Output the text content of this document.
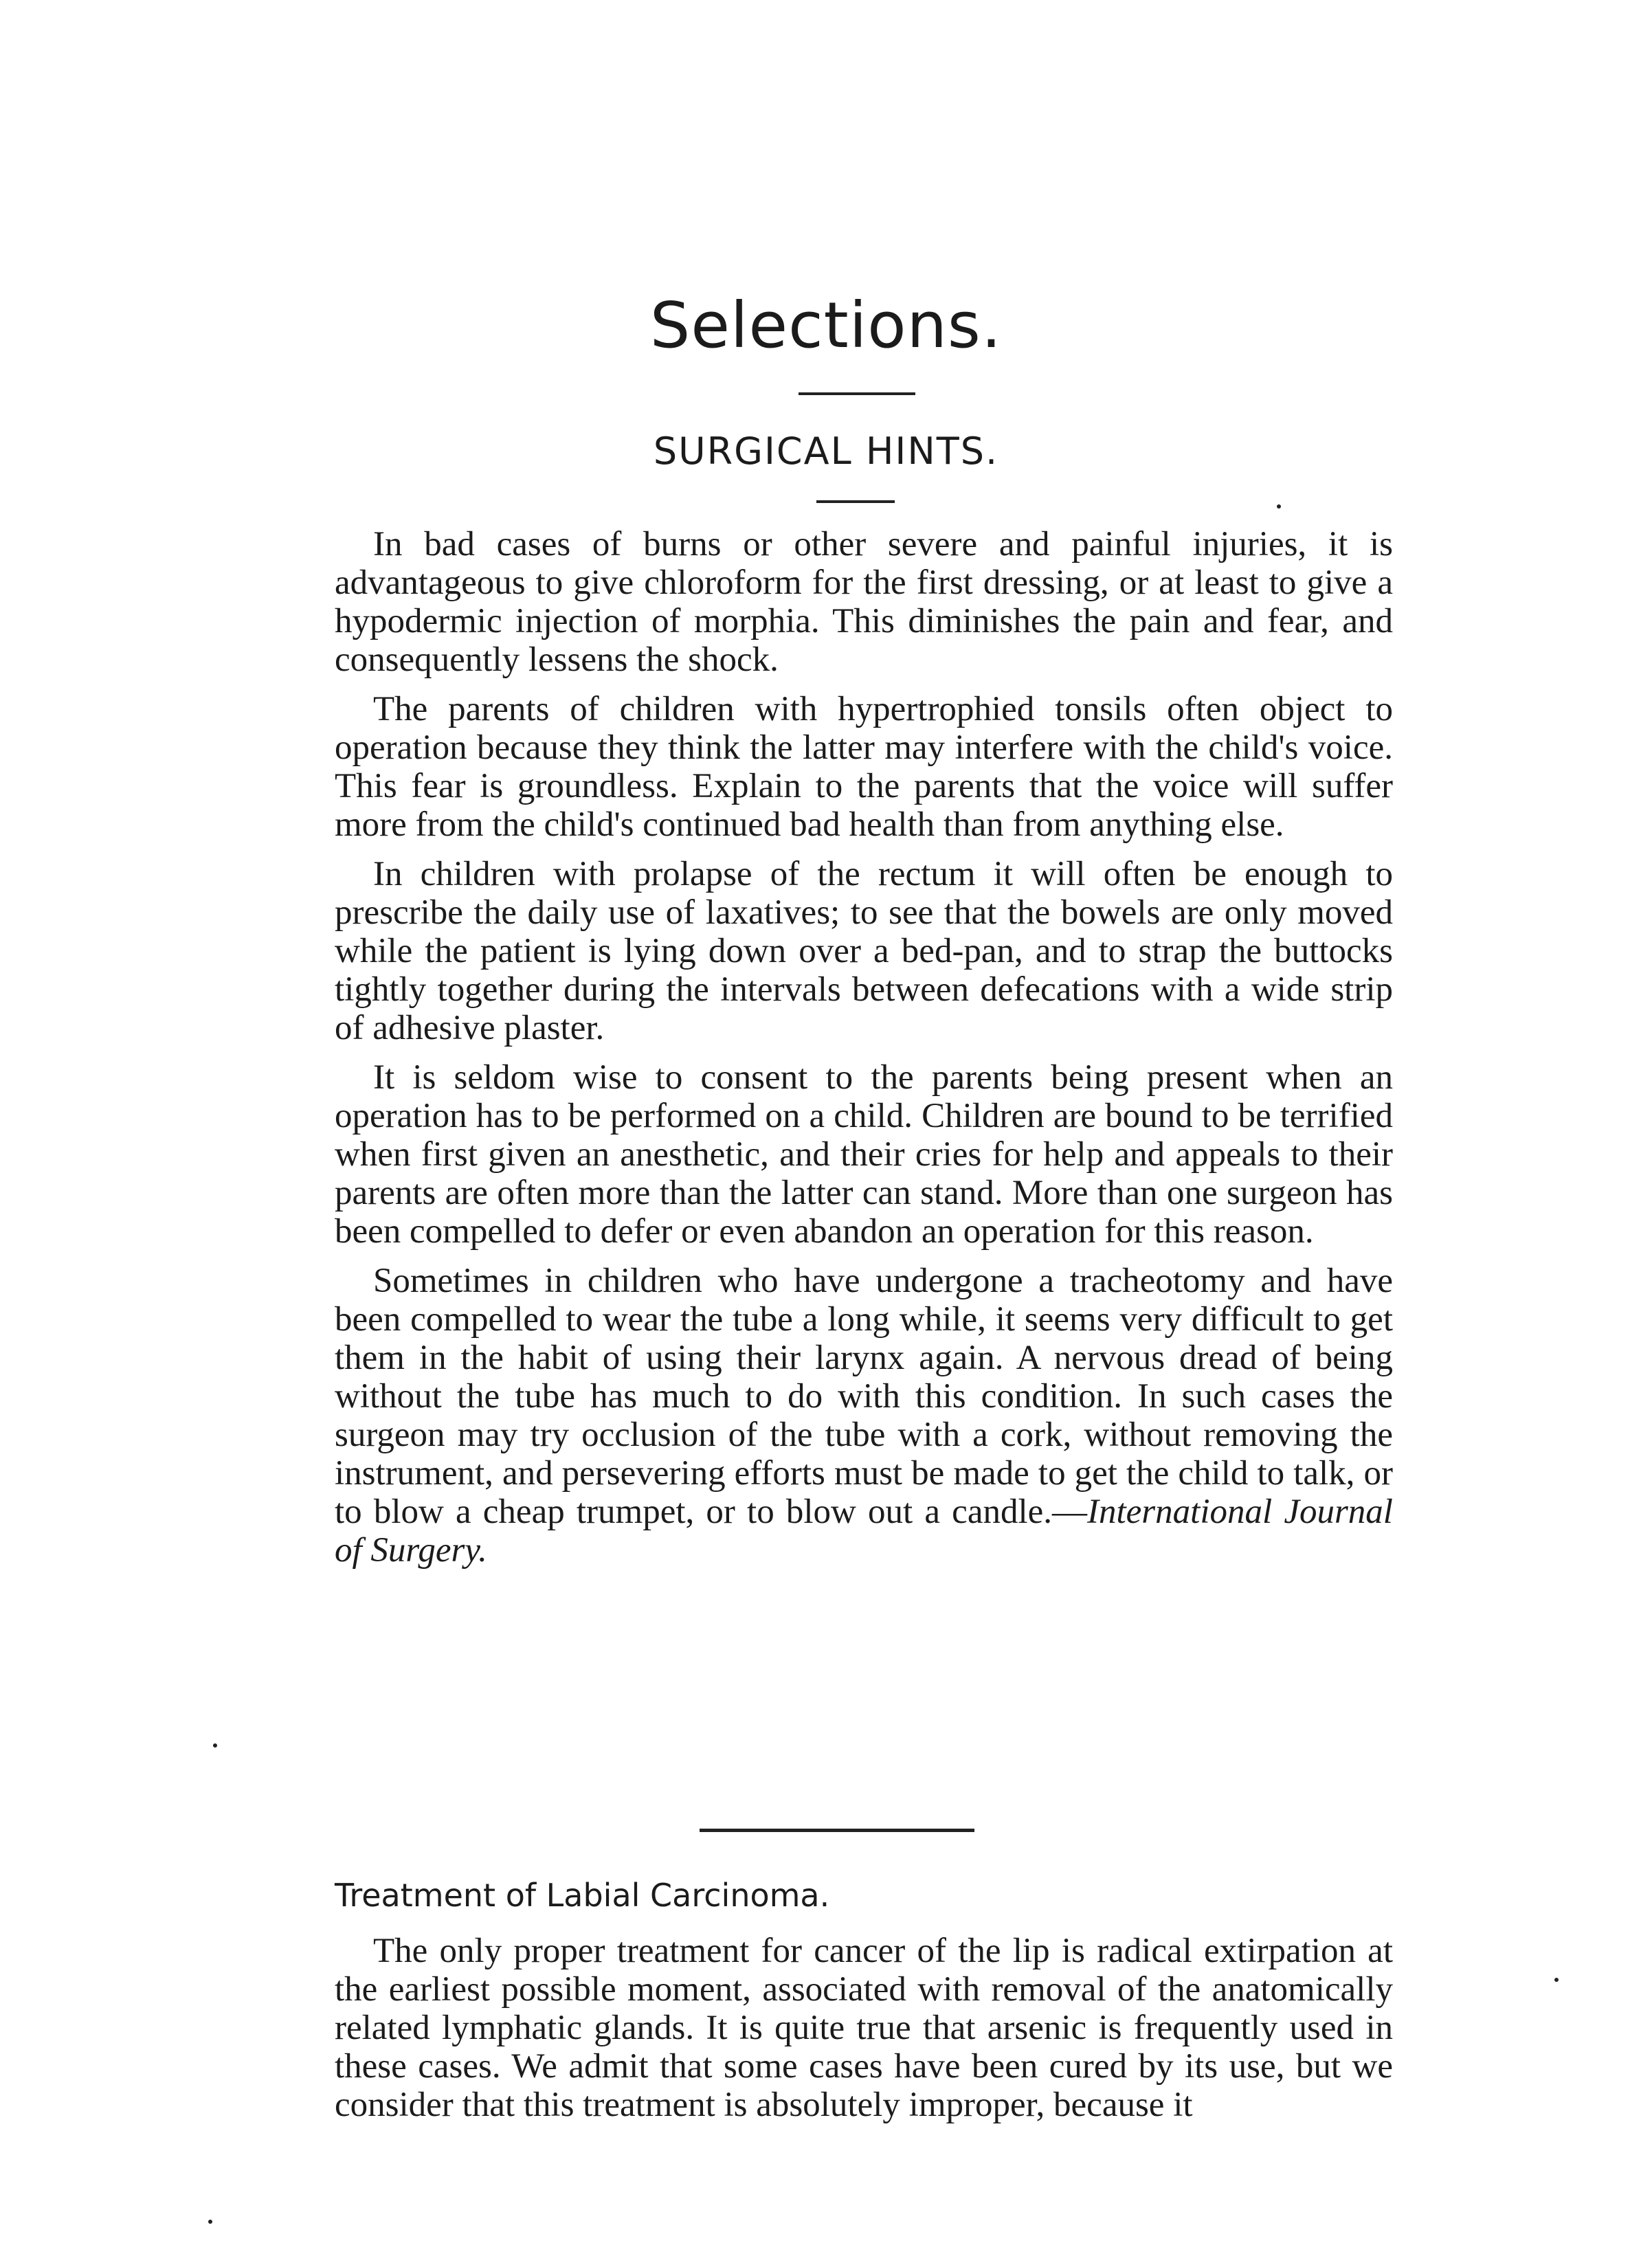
Selections.
SURGICAL HINTS.

In bad cases of burns or other severe and painful injuries, it is advantageous to give chloroform for the first dressing, or at least to give a hypodermic injection of morphia. This diminishes the pain and fear, and consequently lessens the shock.

The parents of children with hypertrophied tonsils often object to operation because they think the latter may interfere with the child's voice. This fear is groundless. Explain to the parents that the voice will suffer more from the child's continued bad health than from anything else.

In children with prolapse of the rectum it will often be enough to prescribe the daily use of laxatives; to see that the bowels are only moved while the patient is lying down over a bed-pan, and to strap the buttocks tightly together during the intervals between defecations with a wide strip of adhesive plaster.

It is seldom wise to consent to the parents being present when an operation has to be performed on a child. Children are bound to be terrified when first given an anesthetic, and their cries for help and appeals to their parents are often more than the latter can stand. More than one surgeon has been compelled to defer or even abandon an operation for this reason.

Sometimes in children who have undergone a tracheotomy and have been compelled to wear the tube a long while, it seems very difficult to get them in the habit of using their larynx again. A nervous dread of being without the tube has much to do with this condition. In such cases the surgeon may try occlusion of the tube with a cork, without removing the instrument, and persevering efforts must be made to get the child to talk, or to blow a cheap trumpet, or to blow out a candle.—International Journal of Surgery.

Treatment of Labial Carcinoma.

The only proper treatment for cancer of the lip is radical extirpation at the earliest possible moment, associated with removal of the anatomically related lymphatic glands. It is quite true that arsenic is frequently used in these cases. We admit that some cases have been cured by its use, but we consider that this treatment is absolutely improper, because it
